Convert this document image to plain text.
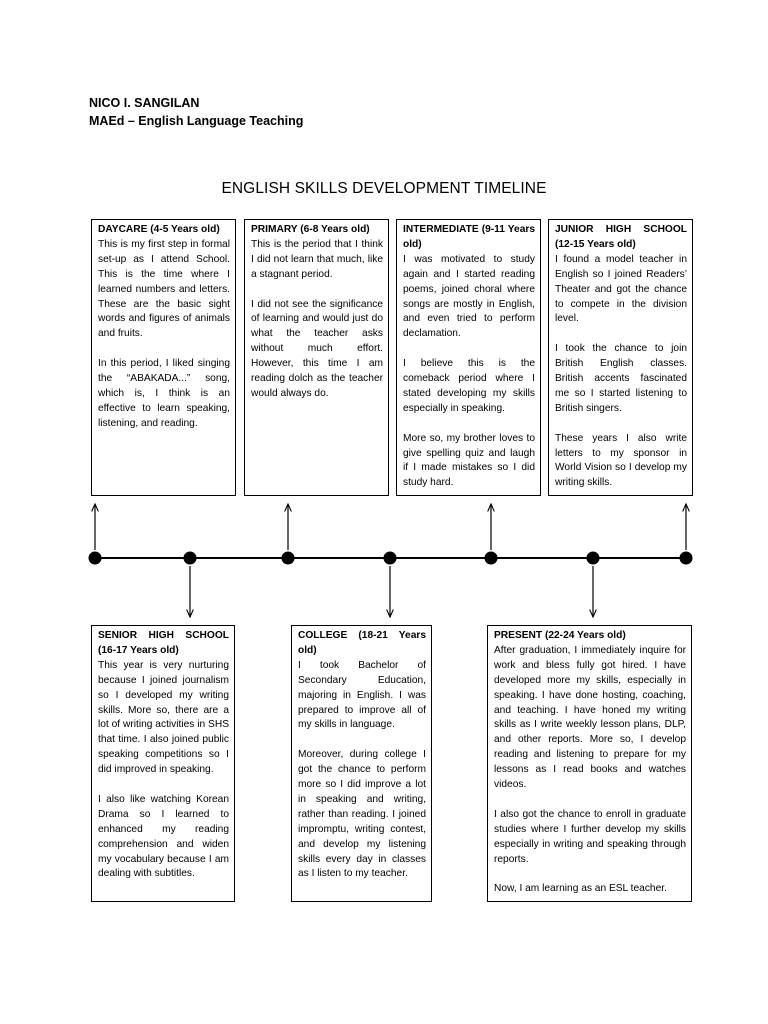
NICO I. SANGILAN
MAEd – English Language Teaching
ENGLISH SKILLS DEVELOPMENT TIMELINE
DAYCARE (4-5 Years old)

This is my first step in formal set-up as I attend School. This is the time where I learned numbers and letters. These are the basic sight words and figures of animals and fruits.

In this period, I liked singing the “ABAKADA...” song, which is, I think is an effective to learn speaking, listening, and reading.

PRIMARY (6-8 Years old)

This is the period that I think I did not learn that much, like a stagnant period.

I did not see the significance of learning and would just do what the teacher asks without much effort. However, this time I am reading dolch as the teacher would always do.

INTERMEDIATE (9-11 Years old)

I was motivated to study again and I started reading poems, joined choral where songs are mostly in English, and even tried to perform declamation.

I believe this is the comeback period where I stated developing my skills especially in speaking.

More so, my brother loves to give spelling quiz and laugh if I made mistakes so I did study hard.

JUNIOR HIGH SCHOOL (12-15 Years old)

I found a model teacher in English so I joined Readers’ Theater and got the chance to compete in the division level.

I took the chance to join British English classes. British accents fascinated me so I started listening to British singers.

These years I also write letters to my sponsor in World Vision so I develop my writing skills.

SENIOR HIGH SCHOOL (16-17 Years old)

This year is very nurturing because I joined journalism so I developed my writing skills. More so, there are a lot of writing activities in SHS that time. I also joined public speaking competitions so I did improved in speaking.

I also like watching Korean Drama so I learned to enhanced my reading comprehension and widen my vocabulary because I am dealing with subtitles.

COLLEGE (18-21 Years old)

I took Bachelor of Secondary Education, majoring in English. I was prepared to improve all of my skills in language.

Moreover, during college I got the chance to perform more so I did improve a lot in speaking and writing, rather than reading. I joined impromptu, writing contest, and develop my listening skills every day in classes as I listen to my teacher.

PRESENT (22-24 Years old)

After graduation, I immediately inquire for work and bless fully got hired. I have developed more my skills, especially in speaking. I have done hosting, coaching, and teaching. I have honed my writing skills as I write weekly lesson plans, DLP, and other reports. More so, I develop reading and listening to prepare for my lessons as I read books and watches videos.

I also got the chance to enroll in graduate studies where I further develop my skills especially in writing and speaking through reports.

Now, I am learning as an ESL teacher.
